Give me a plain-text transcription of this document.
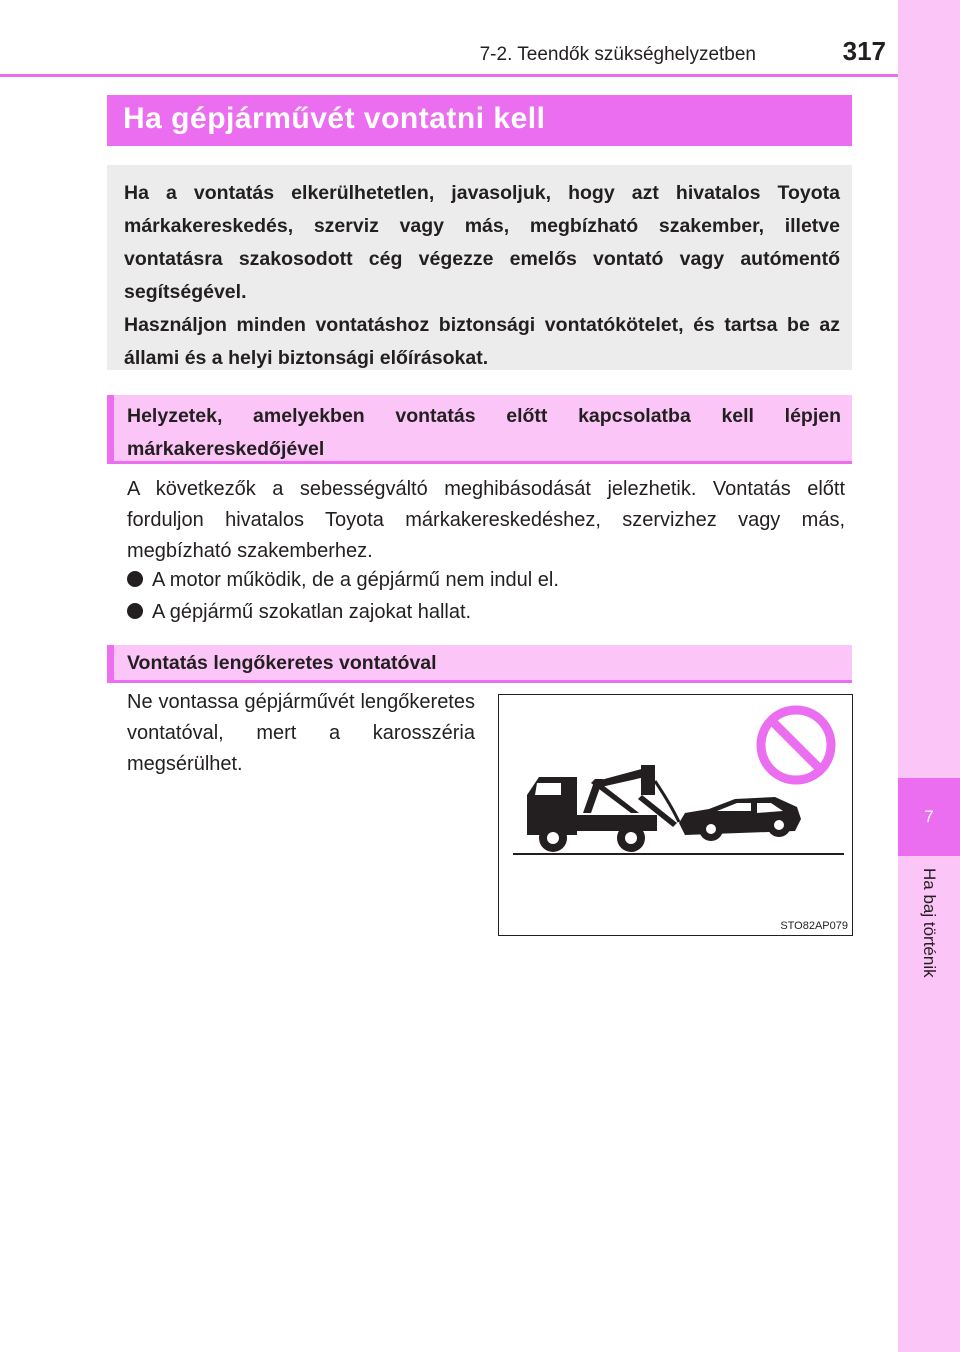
7
Ha baj történik
7-2. Teendők szükséghelyzetben	317
Ha gépjárművét vontatni kell

Ha a vontatás elkerülhetetlen, javasoljuk, hogy azt hivatalos Toyota márkakereskedés, szerviz vagy más, megbízható szakember, illetve vontatásra szakosodott cég végezze emelős vontató vagy autómentő segítségével.

Használjon minden vontatáshoz biztonsági vontatókötelet, és tartsa be az állami és a helyi biztonsági előírásokat.

Helyzetek, amelyekben vontatás előtt kapcsolatba kell lépjen márkakereskedőjével
A következők a sebességváltó meghibásodását jelezhetik. Vontatás előtt forduljon hivatalos Toyota márkakereskedéshez, szervizhez vagy más, megbízható szakemberhez.
A motor működik, de a gépjármű nem indul el.
A gépjármű szokatlan zajokat hallat.
Vontatás lengőkeretes vontatóval
Ne vontassa gépjárművét lengőkeretes vontatóval, mert a karosszéria megsérülhet.
STO82AP079
